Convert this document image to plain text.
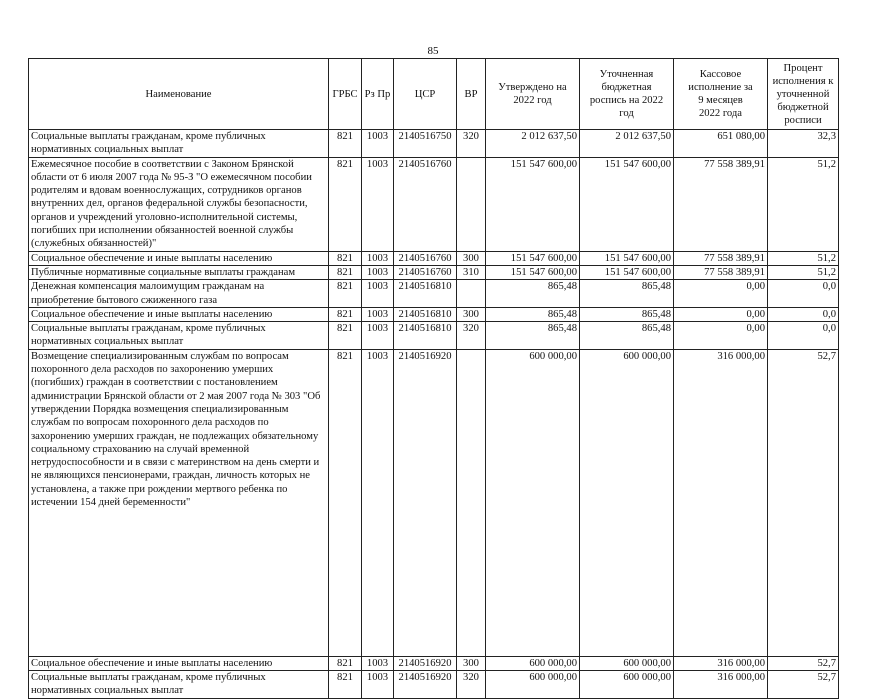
85
Наименование	ГРБС	Рз Пр	ЦСР	ВР	Утверждено на 2022 год	Уточненная бюджетная роспись на 2022 год	Кассовое исполнение за 9 месяцев 2022 года	Процент исполнения к уточненной бюджетной росписи
Социальные выплаты гражданам, кроме публичных нормативных социальных выплат	821	1003	2140516750	320	2 012 637,50	2 012 637,50	651 080,00	32,3
Ежемесячное пособие в соответствии с Законом Брянской области от 6 июля 2007 года № 95-З "О ежемесячном пособии родителям и вдовам военнослужащих, сотрудников органов внутренних дел, органов федеральной службы безопасности, органов и учреждений уголовно-исполнительной системы, погибших при исполнении обязанностей военной службы (служебных обязанностей)"	821	1003	2140516760		151 547 600,00	151 547 600,00	77 558 389,91	51,2
Социальное обеспечение и иные выплаты населению	821	1003	2140516760	300	151 547 600,00	151 547 600,00	77 558 389,91	51,2
Публичные нормативные социальные выплаты гражданам	821	1003	2140516760	310	151 547 600,00	151 547 600,00	77 558 389,91	51,2
Денежная компенсация малоимущим гражданам на приобретение бытового сжиженного газа	821	1003	2140516810		865,48	865,48	0,00	0,0
Социальное обеспечение и иные выплаты населению	821	1003	2140516810	300	865,48	865,48	0,00	0,0
Социальные выплаты гражданам, кроме публичных нормативных социальных выплат	821	1003	2140516810	320	865,48	865,48	0,00	0,0
Возмещение специализированным службам по вопросам похоронного дела расходов по захоронению умерших (погибших) граждан в соответствии с постановлением администрации Брянской области от 2 мая 2007 года № 303 "Об утверждении Порядка возмещения специализированным службам по вопросам похоронного дела расходов по захоронению умерших граждан, не подлежащих обязательному социальному страхованию на случай временной нетрудоспособности и в связи с материнством на день смерти и не являющихся пенсионерами, граждан, личность которых не установлена, а также при рождении мертвого ребенка по истечении 154 дней беременности"	821	1003	2140516920		600 000,00	600 000,00	316 000,00	52,7
Социальное обеспечение и иные выплаты населению	821	1003	2140516920	300	600 000,00	600 000,00	316 000,00	52,7
Социальные выплаты гражданам, кроме публичных нормативных социальных выплат	821	1003	2140516920	320	600 000,00	600 000,00	316 000,00	52,7
